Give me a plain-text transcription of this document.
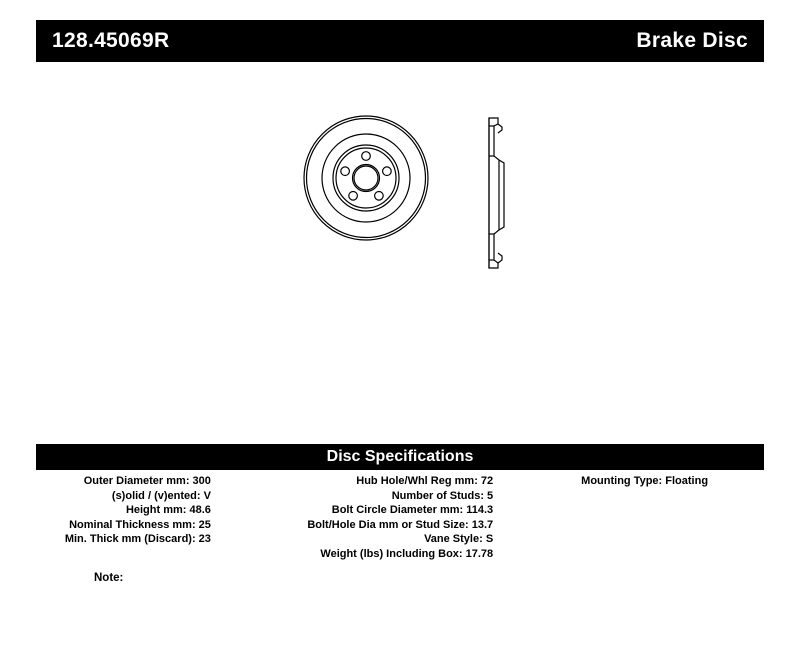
128.45069R	Brake Disc
Disc Specifications
Outer Diameter mm: 300
(s)olid / (v)ented: V
Height mm: 48.6
Nominal Thickness mm: 25
Min. Thick mm (Discard): 23
Hub Hole/Whl Reg mm: 72
Number of Studs: 5
Bolt Circle Diameter mm: 114.3
Bolt/Hole Dia mm or Stud Size: 13.7
Vane Style: S
Weight (lbs) Including Box: 17.78
Mounting Type: Floating
Note:
